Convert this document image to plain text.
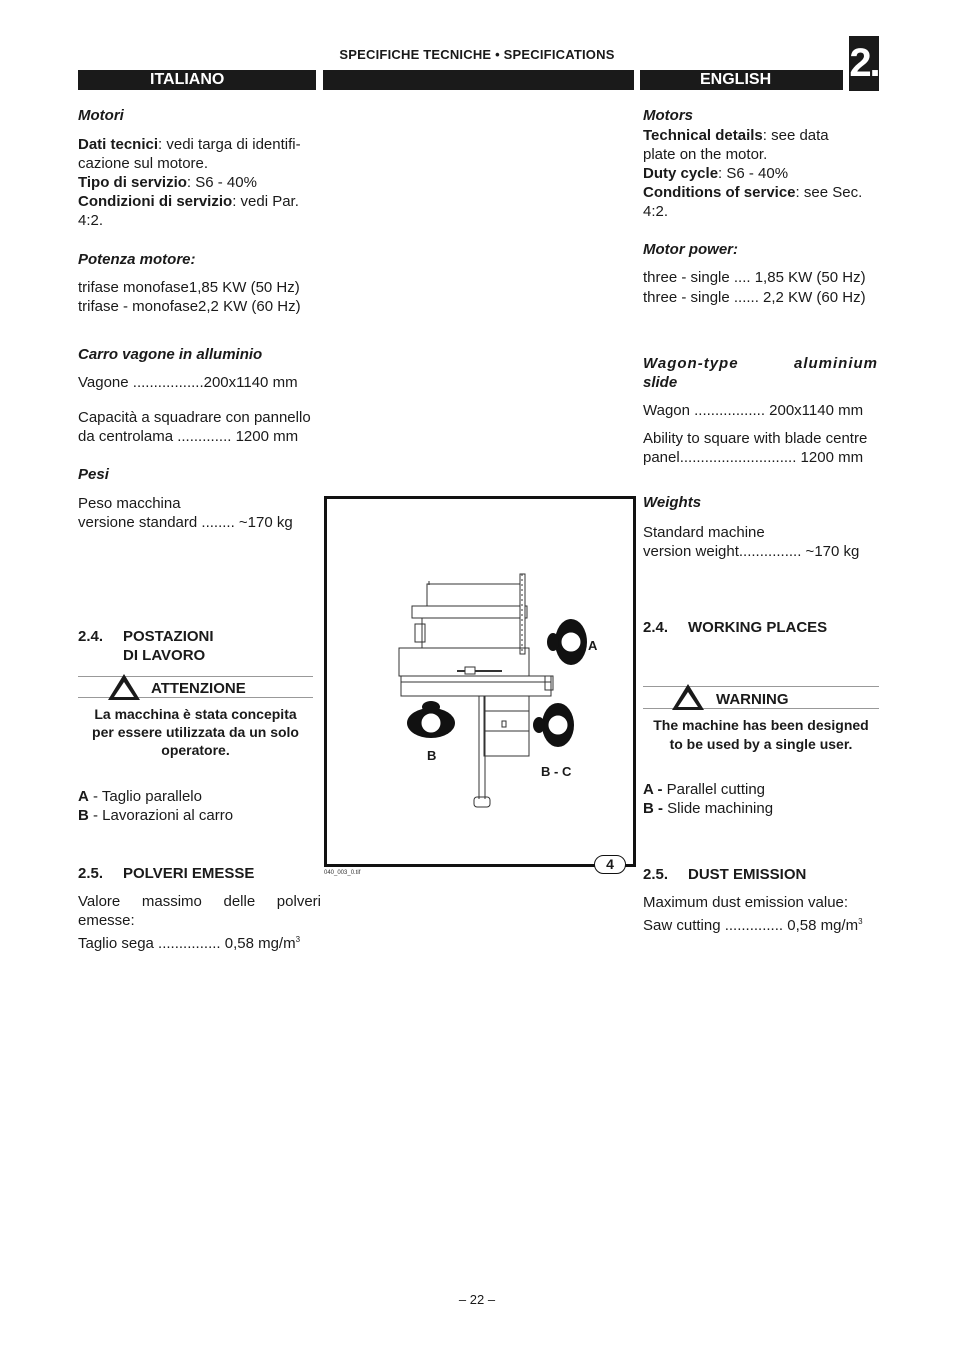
SPECIFICHE TECNICHE • SPECIFICATIONS
ITALIANO	ENGLISH	2.
Motori
Dati tecnici: vedi targa di identifi-
cazione sul motore.
Tipo di servizio: S6 - 40%
Condizioni di servizio: vedi Par.
4:2.
Potenza motore:
trifase monofase1,85 KW (50 Hz)
trifase - monofase2,2 KW (60 Hz)
Carro vagone in alluminio
Vagone .................200x1140 mm
Capacità a squadrare con pannello
da centrolama ............. 1200 mm
Pesi
Peso macchina
versione standard ........ ~170 kg
2.4. POSTAZIONI
DI LAVORO
ATTENZIONE
La macchina è stata concepita
per essere utilizzata da un solo
operatore.
A - Taglio parallelo
B - Lavorazioni al carro
2.5. POLVERI EMESSE
Valore massimo delle polveri
emesse:
Taglio sega ............... 0,58 $mg/m^3$
Motors
Technical details: see data
plate on the motor.
Duty cycle: S6 - 40%
Conditions of service: see Sec.
4:2.
Motor power:
three - single .... 1,85 KW (50 Hz)
three - single ...... 2,2 KW (60 Hz)
Wagon-type aluminium
slide
Wagon ................. 200x1140 mm
Ability to square with blade centre
panel............................ 1200 mm
Weights
Standard machine
version weight............... ~170 kg
2.4. WORKING PLACES
WARNING
The machine has been designed
to be used by a single user.
A - Parallel cutting
B - Slide machining
2.5. DUST EMISSION
Maximum dust emission value:
Saw cutting .............. 0,58 $mg/m^3$
A
B
B - C
4
040_003_0.tif
– 22 –
